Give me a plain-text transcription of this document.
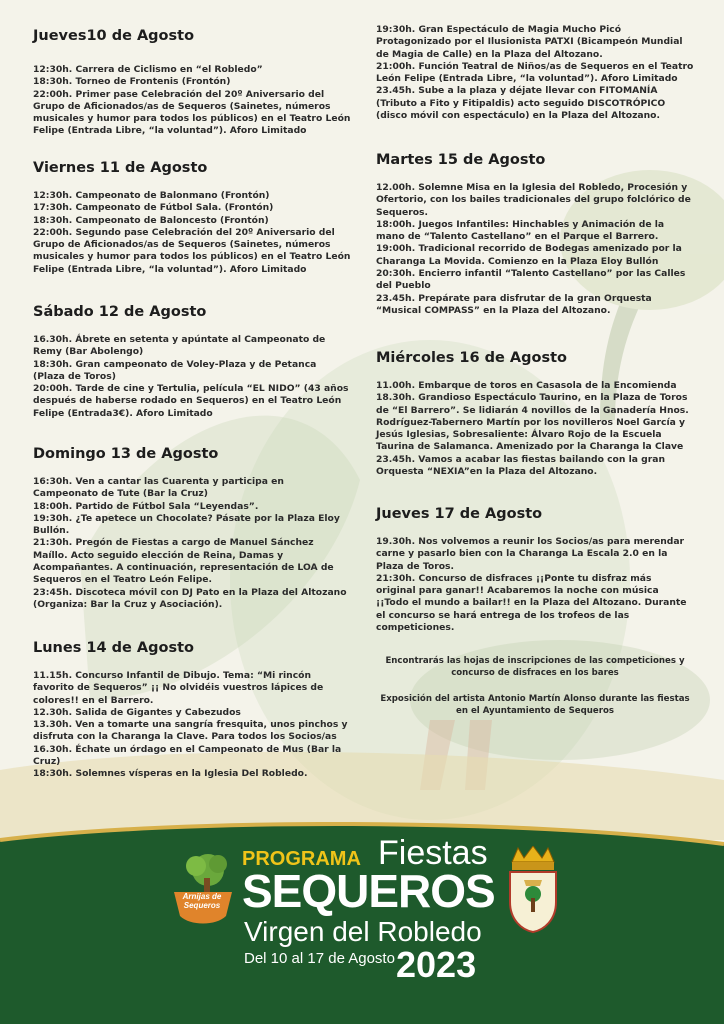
Jueves10 de Agosto

12:30h. Carrera de Ciclismo en “el Robledo”

18:30h. Torneo de Frontenis (Frontón)

22:00h. Primer pase Celebración del 20º Aniversario del Grupo de Aficionados/as de Sequeros (Sainetes, números musicales y humor para todos los públicos) en el Teatro León Felipe (Entrada Libre, “la voluntad”). Aforo Limitado

Viernes 11 de Agosto

12:30h. Campeonato de Balonmano (Frontón)

17:30h. Campeonato de Fútbol Sala. (Frontón)

18:30h. Campeonato de Baloncesto (Frontón)

22:00h. Segundo pase Celebración del 20º Aniversario del Grupo de Aficionados/as de Sequeros (Sainetes, números musicales y humor para todos los públicos) en el Teatro León Felipe (Entrada Libre, “la voluntad”). Aforo Limitado

Sábado 12 de Agosto

16.30h. Ábrete en setenta y apúntate al Campeonato de Remy (Bar Abolengo)

18:30h. Gran campeonato de Voley-Plaza y de Petanca (Plaza de Toros)

20:00h. Tarde de cine y Tertulia, película “EL NIDO” (43 años después de haberse rodado en Sequeros) en el Teatro León Felipe (Entrada3€). Aforo Limitado

Domingo 13 de Agosto

16:30h. Ven a cantar las Cuarenta y participa en Campeonato de Tute (Bar la Cruz)

18:00h. Partido de Fútbol Sala “Leyendas”.

19:30h. ¿Te apetece un Chocolate? Pásate por la Plaza Eloy Bullón.

21:30h. Pregón de Fiestas a cargo de Manuel Sánchez Maíllo. Acto seguido elección de Reina, Damas y Acompañantes. A continuación, representación de LOA de Sequeros en el Teatro León Felipe.

23:45h. Discoteca móvil con DJ Pato en la Plaza del Altozano (Organiza: Bar la Cruz y Asociación).

Lunes 14 de Agosto

11.15h. Concurso Infantil de Dibujo. Tema: “Mi rincón favorito de Sequeros” ¡¡ No olvidéis vuestros lápices de colores!! en el Barrero.

12.30h. Salida de Gigantes y Cabezudos

13.30h. Ven a tomarte una sangría fresquita, unos pinchos y disfruta con la Charanga la Clave. Para todos los Socios/as

16.30h. Échate un órdago en el Campeonato de Mus (Bar la Cruz)

18:30h. Solemnes vísperas en la Iglesia Del Robledo.

19:30h. Gran Espectáculo de Magia Mucho Picó Protagonizado por el Ilusionista PATXI (Bicampeón Mundial de Magia de Calle) en la Plaza del Altozano.

21:00h. Función Teatral de Niños/as de Sequeros en el Teatro León Felipe (Entrada Libre, “la voluntad”). Aforo Limitado

23.45h. Sube a la plaza y déjate llevar con FITOMANÍA (Tributo a Fito y Fitipaldis) acto seguido DISCOTRÓPICO (disco móvil con espectáculo) en la Plaza del Altozano.

Martes 15 de Agosto

12.00h. Solemne Misa en la Iglesia del Robledo, Procesión y Ofertorio, con los bailes tradicionales del grupo folclórico de Sequeros.

18:00h. Juegos Infantiles: Hinchables y Animación de la mano de “Talento Castellano” en el Parque el Barrero.

19:00h. Tradicional recorrido de Bodegas amenizado por la Charanga La Movida. Comienzo en la Plaza Eloy Bullón

20:30h. Encierro infantil “Talento Castellano” por las Calles del Pueblo

23.45h. Prepárate para disfrutar de la gran Orquesta “Musical COMPASS” en la Plaza del Altozano.

Miércoles 16 de Agosto

11.00h. Embarque de toros en Casasola de la Encomienda

18.30h. Grandioso Espectáculo Taurino, en la Plaza de Toros de “El Barrero”. Se lidiarán 4 novillos de la Ganadería Hnos. Rodríguez-Tabernero Martín por los novilleros Noel García y Jesús Iglesias, Sobresaliente: Álvaro Rojo de la Escuela Taurina de Salamanca. Amenizado por la Charanga la Clave

23.45h. Vamos a acabar las fiestas bailando con la gran Orquesta “NEXIA”en la Plaza del Altozano.

Jueves 17 de Agosto

19.30h. Nos volvemos a reunir los Socios/as para merendar carne y pasarlo bien con la Charanga La Escala 2.0 en la Plaza de Toros.

21:30h. Concurso de disfraces ¡¡Ponte tu disfraz más original para ganar!! Acabaremos la noche con música ¡¡Todo el mundo a bailar!! en la Plaza del Altozano. Durante el concurso se hará entrega de los trofeos de las competiciones.

Encontrarás las hojas de inscripciones de las competiciones y concurso de disfraces en los bares

Exposición del artista Antonio Martín Alonso durante las fiestas en el Ayuntamiento de Sequeros

Arnijas de Sequeros
PROGRAMA Fiestas
SEQUEROS
Virgen del Robledo
Del 10 al 17 de Agosto 2023
